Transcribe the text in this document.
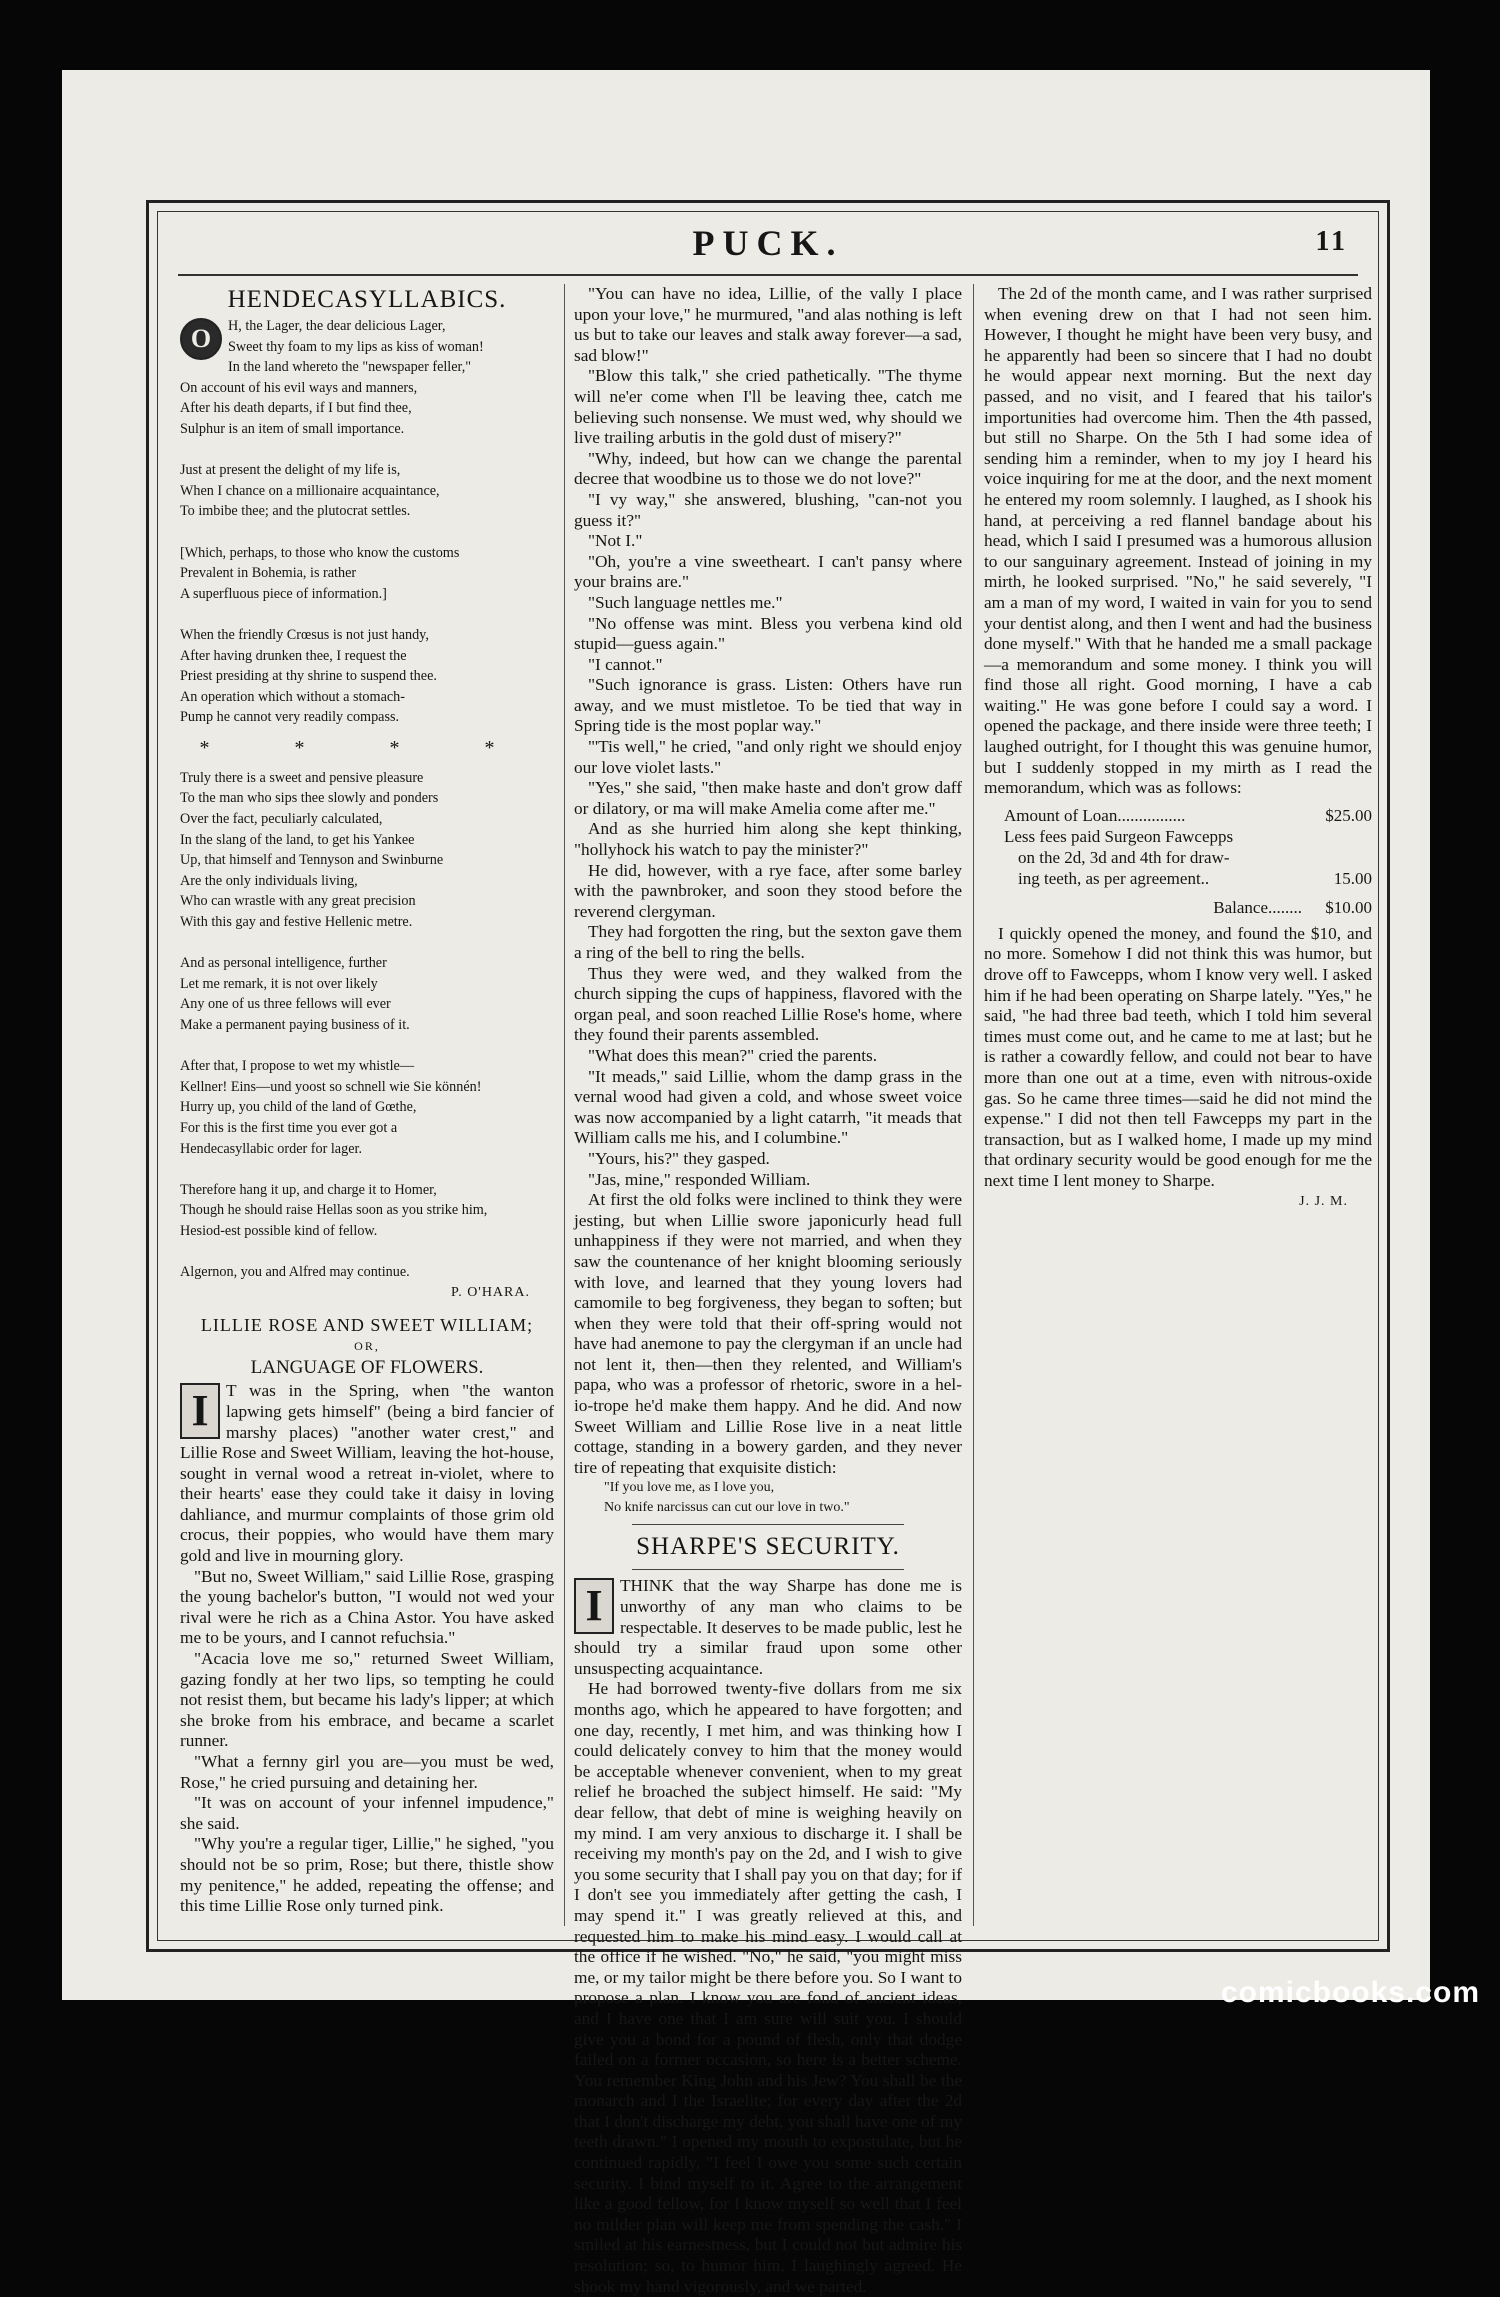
PUCK.	11
HENDECASYLLABICS.
O	H, the Lager, the dear delicious Lager,
Sweet thy foam to my lips as kiss of woman!
In the land whereto the "newspaper feller,"
On account of his evil ways and manners,
After his death departs, if I but find thee,
Sulphur is an item of small importance.
Just at present the delight of my life is,
When I chance on a millionaire acquaintance,
To imbibe thee; and the plutocrat settles.
[Which, perhaps, to those who know the customs
Prevalent in Bohemia, is rather
A superfluous piece of information.]
When the friendly Crœsus is not just handy,
After having drunken thee, I request the
Priest presiding at thy shrine to suspend thee.
An operation which without a stomach-
Pump he cannot very readily compass.
* * * *
Truly there is a sweet and pensive pleasure
To the man who sips thee slowly and ponders
Over the fact, peculiarly calculated,
In the slang of the land, to get his Yankee
Up, that himself and Tennyson and Swinburne
Are the only individuals living,
Who can wrastle with any great precision
With this gay and festive Hellenic metre.
And as personal intelligence, further
Let me remark, it is not over likely
Any one of us three fellows will ever
Make a permanent paying business of it.
After that, I propose to wet my whistle—
Kellner! Eins—und yoost so schnell wie Sie könnén!
Hurry up, you child of the land of Gœthe,
For this is the first time you ever got a
Hendecasyllabic order for lager.
Therefore hang it up, and charge it to Homer,
Though he should raise Hellas soon as you strike him,
Hesiod-est possible kind of fellow.
Algernon, you and Alfred may continue.
P. O'HARA.
LILLIE ROSE AND SWEET WILLIAM;
OR,
LANGUAGE OF FLOWERS.

I	T was in the Spring, when "the wanton lapwing gets himself" (being a bird fancier of marshy places) "another water crest," and Lillie Rose and Sweet William, leaving the hot-house, sought in vernal wood a retreat in-violet, where to their hearts' ease they could take it daisy in loving dahliance, and murmur complaints of those grim old crocus, their poppies, who would have them mary gold and live in mourning glory.

"But no, Sweet William," said Lillie Rose, grasping the young bachelor's button, "I would not wed your rival were he rich as a China Astor. You have asked me to be yours, and I cannot refuchsia."

"Acacia love me so," returned Sweet William, gazing fondly at her two lips, so tempting he could not resist them, but became his lady's lipper; at which she broke from his embrace, and became a scarlet runner.

"What a fernny girl you are—you must be wed, Rose," he cried pursuing and detaining her.

"It was on account of your infennel impudence," she said.

"Why you're a regular tiger, Lillie," he sighed, "you should not be so prim, Rose; but there, thistle show my penitence," he added, repeating the offense; and this time Lillie Rose only turned pink.

"You can have no idea, Lillie, of the vally I place upon your love," he murmured, "and alas nothing is left us but to take our leaves and stalk away forever—a sad, sad blow!"

"Blow this talk," she cried pathetically. "The thyme will ne'er come when I'll be leaving thee, catch me believing such nonsense. We must wed, why should we live trailing arbutis in the gold dust of misery?"

"Why, indeed, but how can we change the parental decree that woodbine us to those we do not love?"

"I vy way," she answered, blushing, "can-not you guess it?"

"Not I."

"Oh, you're a vine sweetheart. I can't pansy where your brains are."

"Such language nettles me."

"No offense was mint. Bless you verbena kind old stupid—guess again."

"I cannot."

"Such ignorance is grass. Listen: Others have run away, and we must mistletoe. To be tied that way in Spring tide is the most poplar way."

"'Tis well," he cried, "and only right we should enjoy our love violet lasts."

"Yes," she said, "then make haste and don't grow daff or dilatory, or ma will make Amelia come after me."

And as she hurried him along she kept thinking, "hollyhock his watch to pay the minister?"

He did, however, with a rye face, after some barley with the pawnbroker, and soon they stood before the reverend clergyman.

They had forgotten the ring, but the sexton gave them a ring of the bell to ring the bells.

Thus they were wed, and they walked from the church sipping the cups of happiness, flavored with the organ peal, and soon reached Lillie Rose's home, where they found their parents assembled.

"What does this mean?" cried the parents.

"It meads," said Lillie, whom the damp grass in the vernal wood had given a cold, and whose sweet voice was now accompanied by a light catarrh, "it meads that William calls me his, and I columbine."

"Yours, his?" they gasped.

"Jas, mine," responded William.

At first the old folks were inclined to think they were jesting, but when Lillie swore japonicurly head full unhappiness if they were not married, and when they saw the countenance of her knight blooming seriously with love, and learned that they young lovers had camomile to beg forgiveness, they began to soften; but when they were told that their off-spring would not have had anemone to pay the clergyman if an uncle had not lent it, then—then they relented, and William's papa, who was a professor of rhetoric, swore in a hel-io-trope he'd make them happy. And he did. And now Sweet William and Lillie Rose live in a neat little cottage, standing in a bowery garden, and they never tire of repeating that exquisite distich:

"If you love me, as I love you,
No knife narcissus can cut our love in two."
SHARPE'S SECURITY.

I	THINK that the way Sharpe has done me is unworthy of any man who claims to be respectable. It deserves to be made public, lest he should try a similar fraud upon some other unsuspecting acquaintance.

He had borrowed twenty-five dollars from me six months ago, which he appeared to have forgotten; and one day, recently, I met him, and was thinking how I could delicately convey to him that the money would be acceptable whenever convenient, when to my great relief he broached the subject himself. He said: "My dear fellow, that debt of mine is weighing heavily on my mind. I am very anxious to discharge it. I shall be receiving my month's pay on the 2d, and I wish to give you some security that I shall pay you on that day; for if I don't see you immediately after getting the cash, I may spend it." I was greatly relieved at this, and requested him to make his mind easy. I would call at the office if he wished. "No," he said, "you might miss me, or my tailor might be there before you. So I want to propose a plan. I know you are fond of ancient ideas, and I have one that I am sure will suit you. I should give you a bond for a pound of flesh, only that dodge failed on a former occasion, so here is a better scheme. You remember King John and his Jew? You shall be the monarch and I the Israelite; for every day after the 2d that I don't discharge my debt, you shall have one of my teeth drawn." I opened my mouth to expostulate, but he continued rapidly, "I feel I owe you some such certain security. I bind myself to it. Agree to the arrangement like a good fellow, for I know myself so well that I feel no milder plan will keep me from spending the cash." I smiled at his earnestness, but I could not but admire his resolution; so, to humor him, I laughingly agreed. He shook my hand vigorously, and we parted.

The 2d of the month came, and I was rather surprised when evening drew on that I had not seen him. However, I thought he might have been very busy, and he apparently had been so sincere that I had no doubt he would appear next morning. But the next day passed, and no visit, and I feared that his tailor's importunities had overcome him. Then the 4th passed, but still no Sharpe. On the 5th I had some idea of sending him a reminder, when to my joy I heard his voice inquiring for me at the door, and the next moment he entered my room solemnly. I laughed, as I shook his hand, at perceiving a red flannel bandage about his head, which I said I presumed was a humorous allusion to our sanguinary agreement. Instead of joining in my mirth, he looked surprised. "No," he said severely, "I am a man of my word, I waited in vain for you to send your dentist along, and then I went and had the business done myself." With that he handed me a small package—a memorandum and some money. I think you will find those all right. Good morning, I have a cab waiting." He was gone before I could say a word. I opened the package, and there inside were three teeth; I laughed outright, for I thought this was genuine humor, but I suddenly stopped in my mirth as I read the memorandum, which was as follows:

Amount of Loan................	$25.00
Less fees paid Surgeon Fawcepps
on the 2d, 3d and 4th for draw-
ing teeth, as per agreement..	15.00
Balance........	$10.00

I quickly opened the money, and found the $10, and no more. Somehow I did not think this was humor, but drove off to Fawcepps, whom I know very well. I asked him if he had been operating on Sharpe lately. "Yes," he said, "he had three bad teeth, which I told him several times must come out, and he came to me at last; but he is rather a cowardly fellow, and could not bear to have more than one out at a time, even with nitrous-oxide gas. So he came three times—said he did not mind the expense." I did not then tell Fawcepps my part in the transaction, but as I walked home, I made up my mind that ordinary security would be good enough for me the next time I lent money to Sharpe.

J. J. M.
comicbooks.com
